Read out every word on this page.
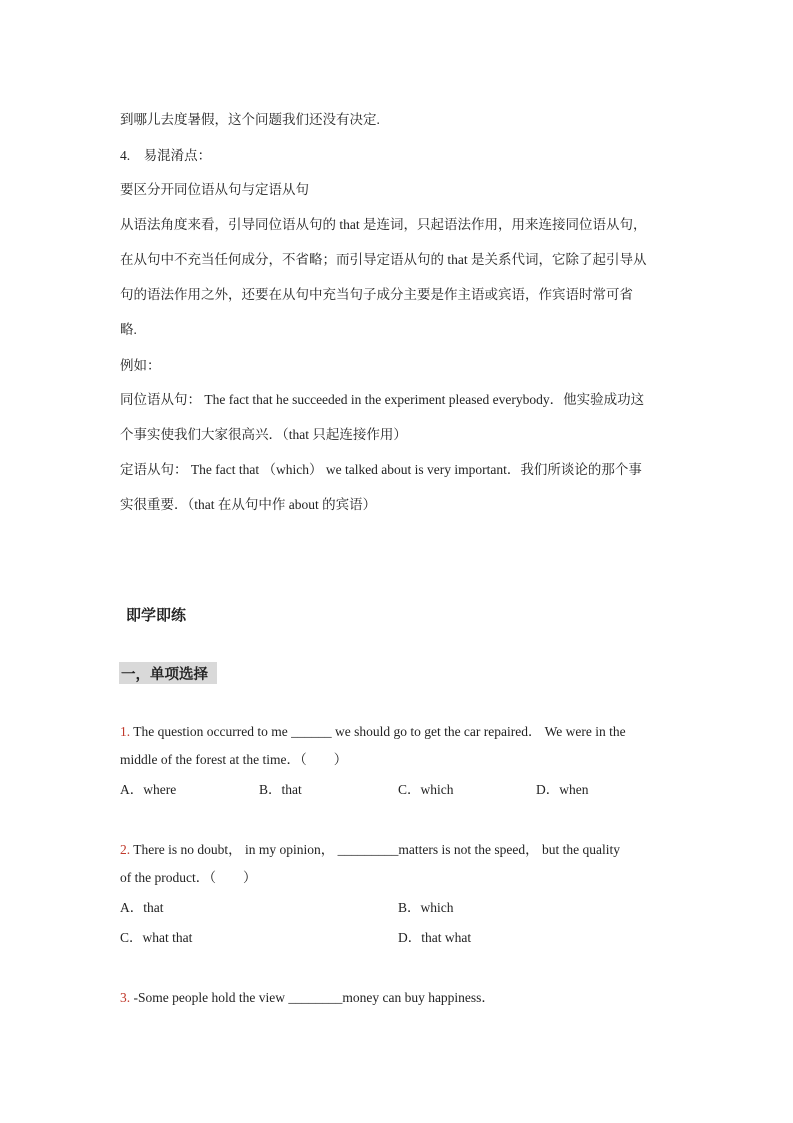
到哪儿去度暑假，这个问题我们还没有决定.
4.　易混淆点：
要区分开同位语从句与定语从句
从语法角度来看，引导同位语从句的 that 是连词，只起语法作用，用来连接同位语从句，
在从句中不充当任何成分，不省略；而引导定语从句的 that 是关系代词，它除了起引导从
句的语法作用之外，还要在从句中充当句子成分主要是作主语或宾语，作宾语时常可省
略.
例如：
同位语从句： The fact that he succeeded in the experiment pleased everybody．他实验成功这
个事实使我们大家很高兴．（that 只起连接作用）
定语从句： The fact that （which） we talked about is very important．我们所谈论的那个事
实很重要．（that 在从句中作 about 的宾语）
即学即练
一，单项选择
1. The question occurred to me ______ we should go to get the car repaired． We were in the
middle of the forest at the time．（　　）
A．where	B．that	C．which	D．when
2. There is no doubt， in my opinion， _________matters is not the speed， but the quality
of the product．（　　）
A．that	B．which
C．what that	D．that what
3. -Some people hold the view ________money can buy happiness．
